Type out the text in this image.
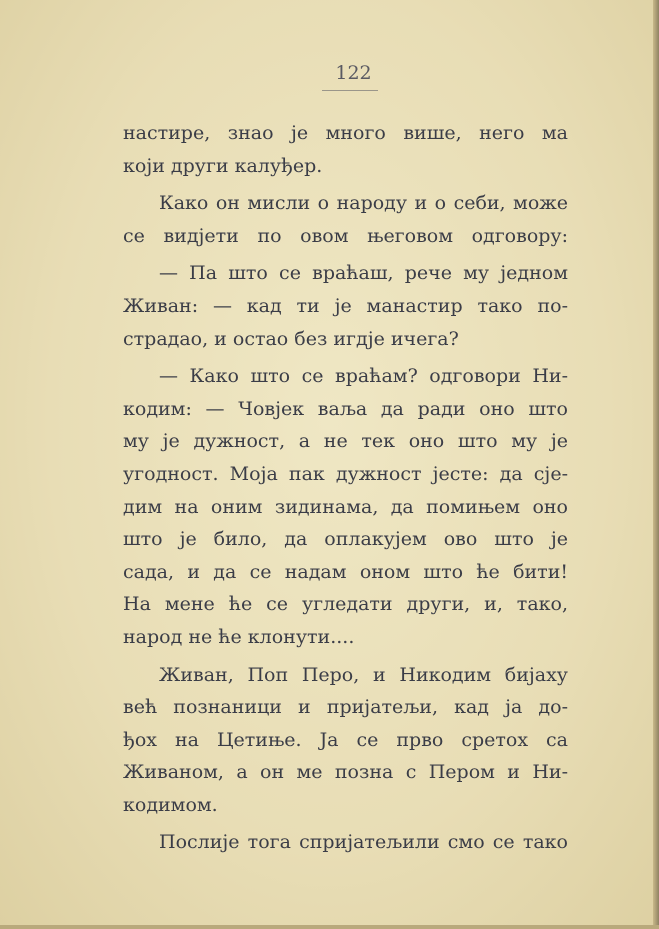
122

настире, знао је много више, него ма
који други калуђер.

Како он мисли о народу и о себи, може
се видјети по овом његовом одговору:

— Па што се враћаш, рече му једном
Живан: — кад ти је манастир тако по-
страдао, и остао без игдје ичега?

— Како што се враћам? одговори Ни-
кодим: — Човјек ваља да ради оно што
му је дужност, а не тек оно што му је
угодност. Моја пак дужност јесте: да сје-
дим на оним зидинама, да помињем оно
што је било, да оплакујем ово што је
сада, и да се надам оном што ће бити!
На мене ће се угледати други, и, тако,
народ не ће клонути....

Живан, Поп Перо, и Никодим бијаху
већ познаници и пријатељи, кад ја до-
ђох на Цетиње. Ја се прво сретох са
Живаном, а он ме позна с Пером и Ни-
кодимом.

Послије тога спријатељили смо се тако
